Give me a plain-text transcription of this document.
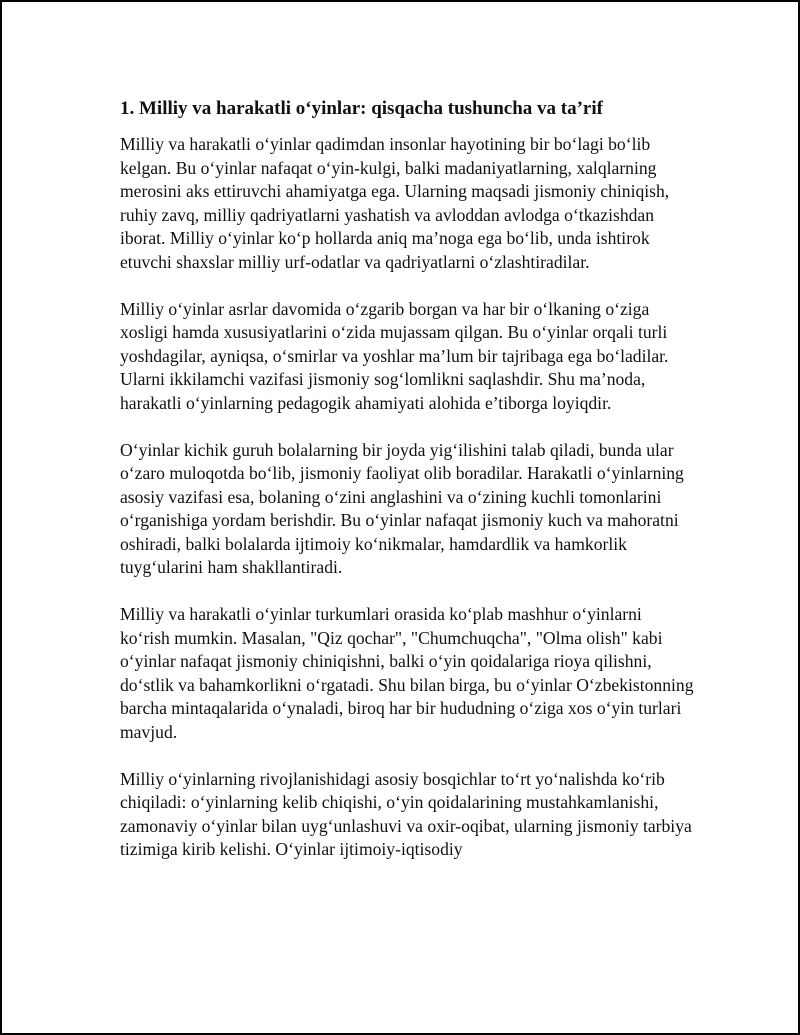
1. Milliy va harakatli o‘yinlar: qisqacha tushuncha va ta’rif

Milliy va harakatli o‘yinlar qadimdan insonlar hayotining bir bo‘lagi bo‘lib kelgan. Bu o‘yinlar nafaqat o‘yin-kulgi, balki madaniyatlarning, xalqlarning merosini aks ettiruvchi ahamiyatga ega. Ularning maqsadi jismoniy chiniqish, ruhiy zavq, milliy qadriyatlarni yashatish va avloddan avlodga o‘tkazishdan iborat. Milliy o‘yinlar ko‘p hollarda aniq ma’noga ega bo‘lib, unda ishtirok etuvchi shaxslar milliy urf-odatlar va qadriyatlarni o‘zlashtiradilar.

Milliy o‘yinlar asrlar davomida o‘zgarib borgan va har bir o‘lkaning o‘ziga xosligi hamda xususiyatlarini o‘zida mujassam qilgan. Bu o‘yinlar orqali turli yoshdagilar, ayniqsa, o‘smirlar va yoshlar ma’lum bir tajribaga ega bo‘ladilar. Ularni ikkilamchi vazifasi jismoniy sog‘lomlikni saqlashdir. Shu ma’noda, harakatli o‘yinlarning pedagogik ahamiyati alohida e’tiborga loyiqdir.

O‘yinlar kichik guruh bolalarning bir joyda yig‘ilishini talab qiladi, bunda ular o‘zaro muloqotda bo‘lib, jismoniy faoliyat olib boradilar. Harakatli o‘yinlarning asosiy vazifasi esa, bolaning o‘zini anglashini va o‘zining kuchli tomonlarini o‘rganishiga yordam berishdir. Bu o‘yinlar nafaqat jismoniy kuch va mahoratni oshiradi, balki bolalarda ijtimoiy ko‘nikmalar, hamdardlik va hamkorlik tuyg‘ularini ham shakllantiradi.

Milliy va harakatli o‘yinlar turkumlari orasida ko‘plab mashhur o‘yinlarni ko‘rish mumkin. Masalan, "Qiz qochar", "Chumchuqcha", "Olma olish" kabi o‘yinlar nafaqat jismoniy chiniqishni, balki o‘yin qoidalariga rioya qilishni, do‘stlik va bahamkorlikni o‘rgatadi. Shu bilan birga, bu o‘yinlar O‘zbekistonning barcha mintaqalarida o‘ynaladi, biroq har bir hududning o‘ziga xos o‘yin turlari mavjud.

Milliy o‘yinlarning rivojlanishidagi asosiy bosqichlar to‘rt yo‘nalishda ko‘rib chiqiladi: o‘yinlarning kelib chiqishi, o‘yin qoidalarining mustahkamlanishi, zamonaviy o‘yinlar bilan uyg‘unlashuvi va oxir-oqibat, ularning jismoniy tarbiya tizimiga kirib kelishi. O‘yinlar ijtimoiy-iqtisodiy
